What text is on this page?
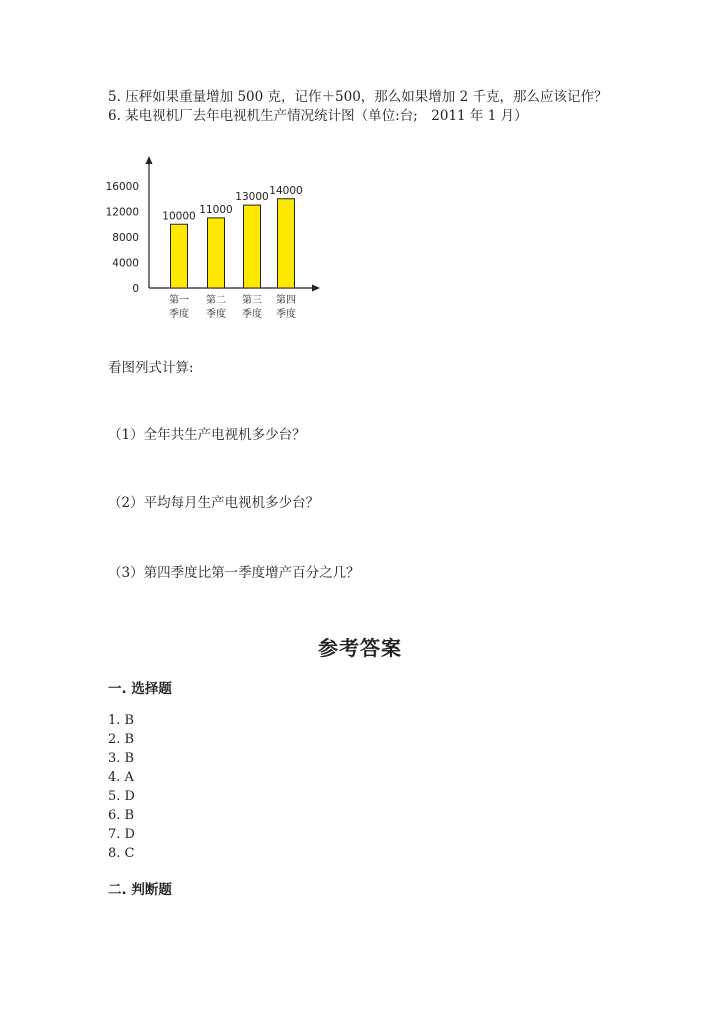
5. 压秤如果重量增加 500 克，记作＋500，那么如果增加 2 千克，那么应该记作？
6. 某电视机厂去年电视机生产情况统计图（单位:台;　2011 年 1 月）
0
4000
8000
12000
16000
10000
第一
季度
11000
第二
季度
13000
第三
季度
14000
第四
季度
看图列式计算:
（1）全年共生产电视机多少台？
（2）平均每月生产电视机多少台？
（3）第四季度比第一季度增产百分之几？
参考答案
一. 选择题
1. B
2. B
3. B
4. A
5. D
6. B
7. D
8. C
二. 判断题
